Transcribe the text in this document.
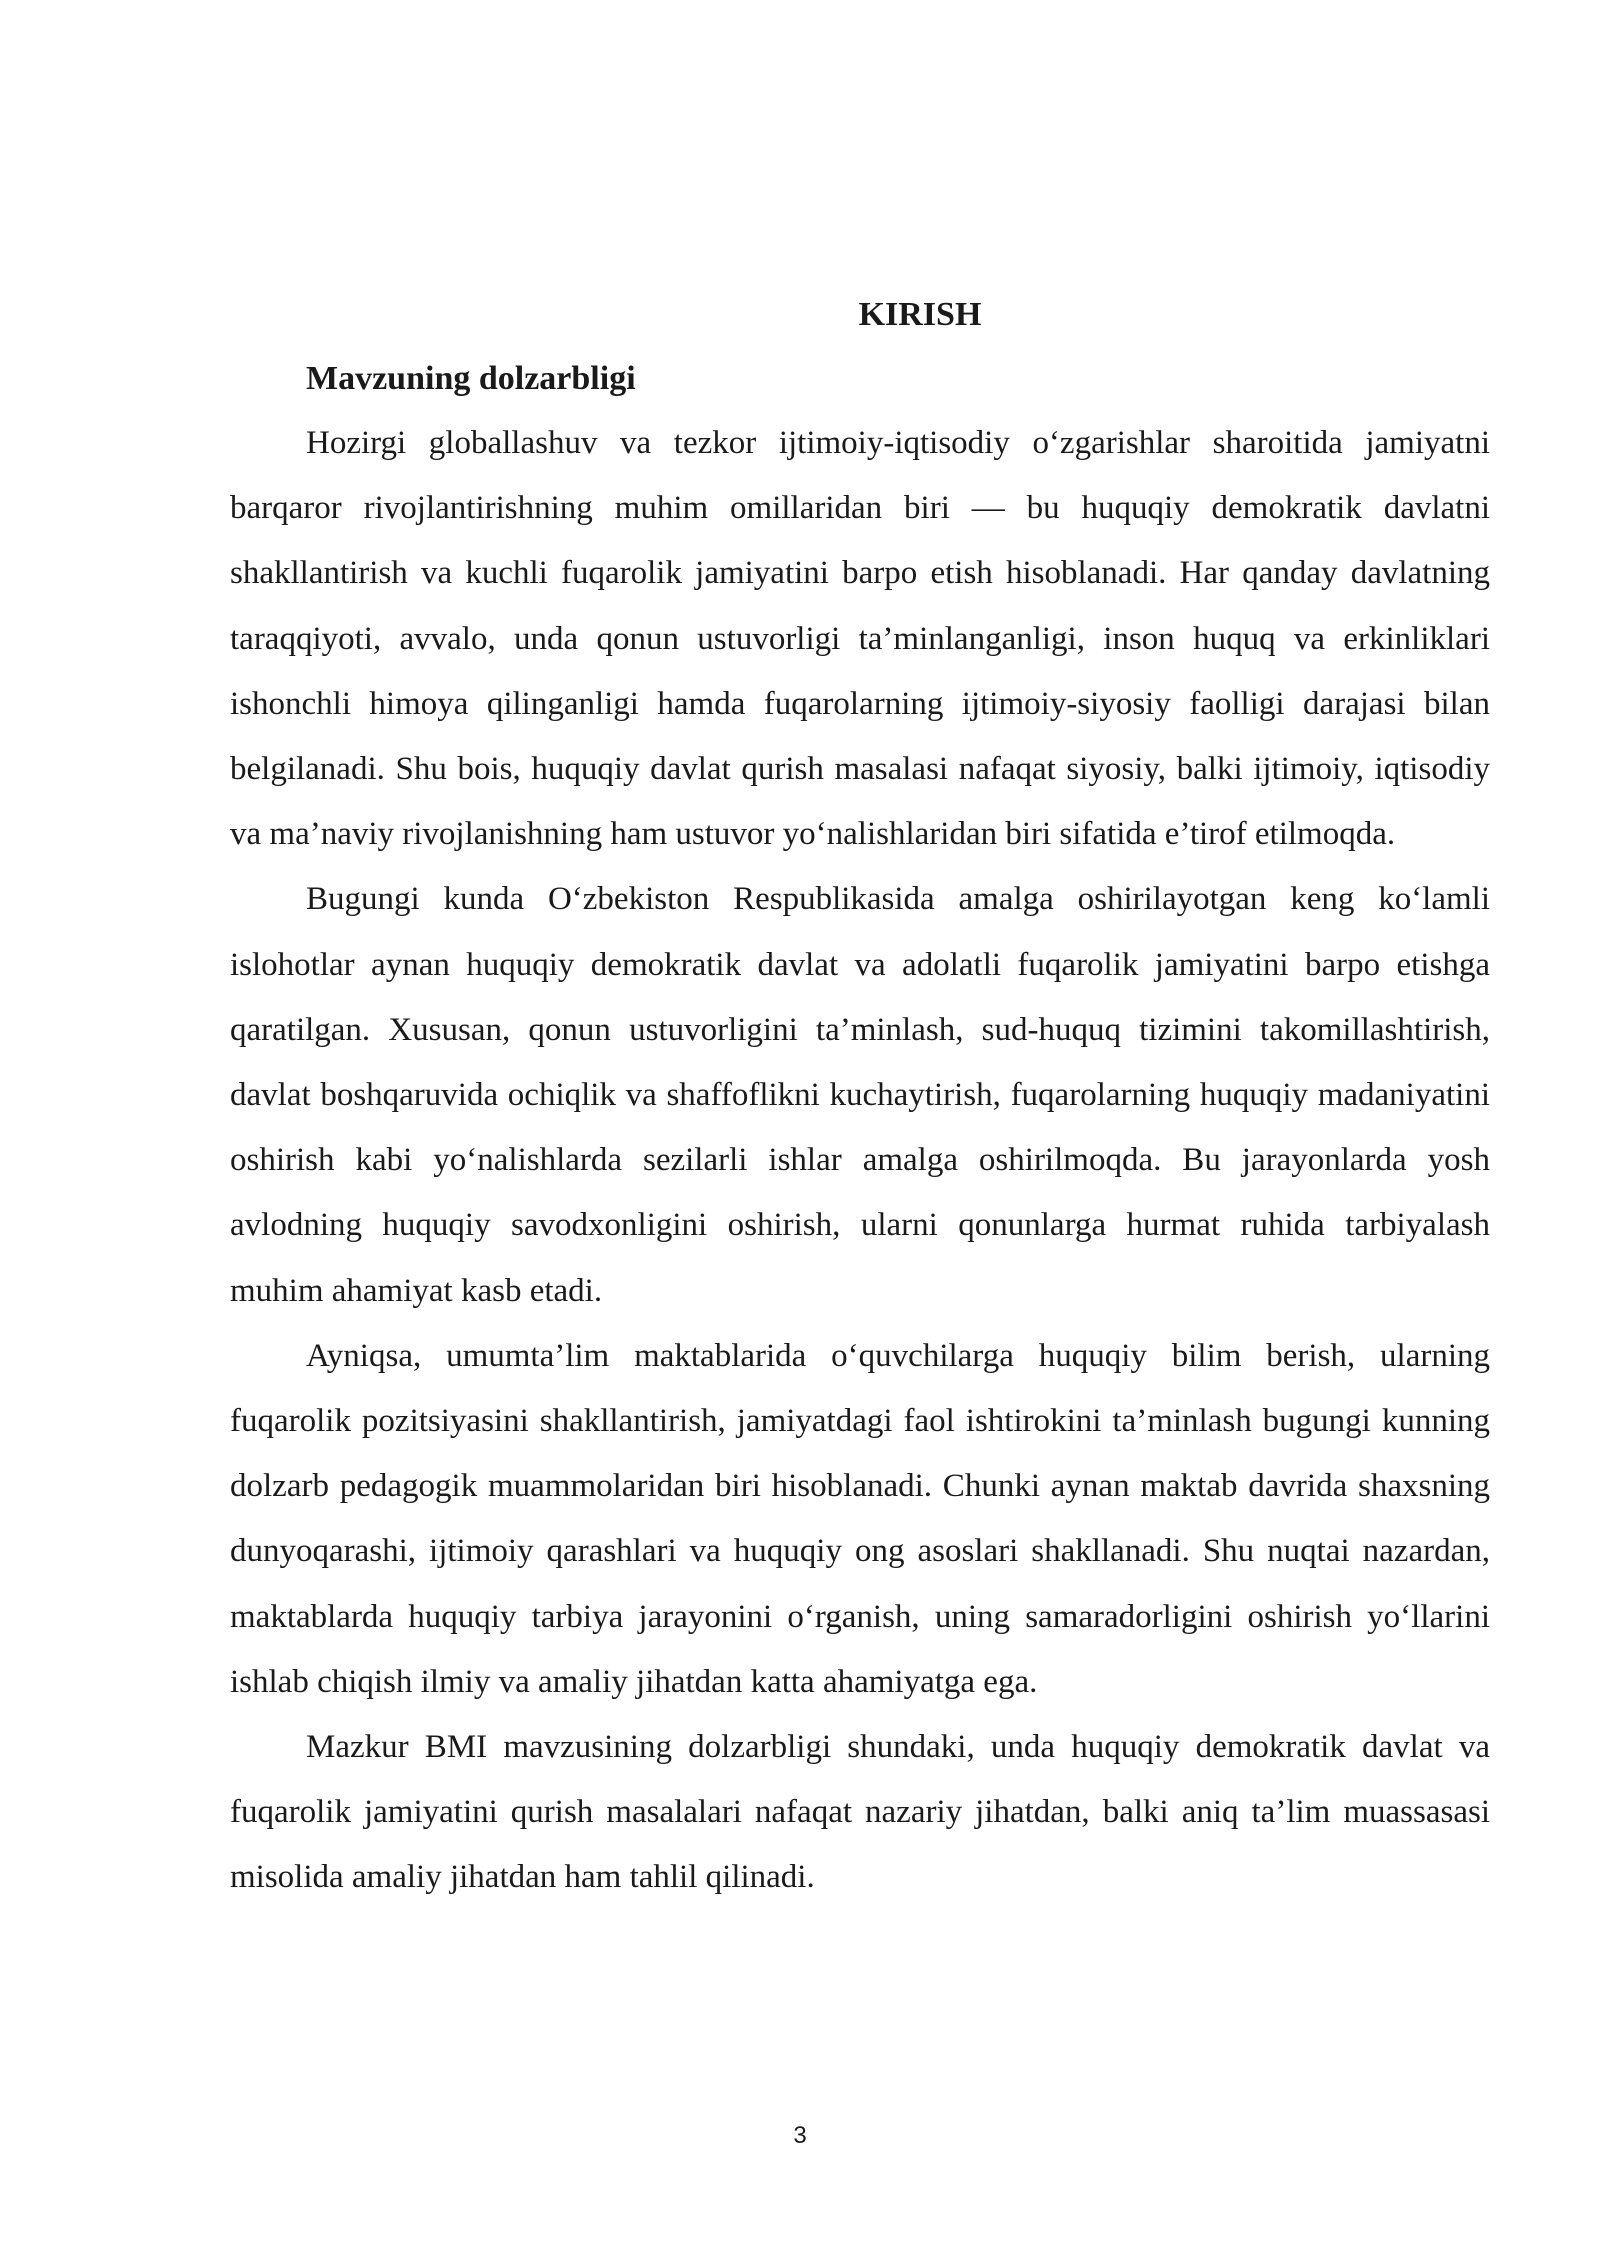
KIRISH
Mavzuning dolzarbligi

Hozirgi globallashuv va tezkor ijtimoiy-iqtisodiy o‘zgarishlar sharoitida jamiyatni barqaror rivojlantirishning muhim omillaridan biri — bu huquqiy demokratik davlatni shakllantirish va kuchli fuqarolik jamiyatini barpo etish hisoblanadi. Har qanday davlatning taraqqiyoti, avvalo, unda qonun ustuvorligi ta’minlanganligi, inson huquq va erkinliklari ishonchli himoya qilinganligi hamda fuqarolarning ijtimoiy-siyosiy faolligi darajasi bilan belgilanadi. Shu bois, huquqiy davlat qurish masalasi nafaqat siyosiy, balki ijtimoiy, iqtisodiy va ma’naviy rivojlanishning ham ustuvor yo‘nalishlaridan biri sifatida e’tirof etilmoqda.

Bugungi kunda O‘zbekiston Respublikasida amalga oshirilayotgan keng ko‘lamli islohotlar aynan huquqiy demokratik davlat va adolatli fuqarolik jamiyatini barpo etishga qaratilgan. Xususan, qonun ustuvorligini ta’minlash, sud-huquq tizimini takomillashtirish, davlat boshqaruvida ochiqlik va shaffoflikni kuchaytirish, fuqarolarning huquqiy madaniyatini oshirish kabi yo‘nalishlarda sezilarli ishlar amalga oshirilmoqda. Bu jarayonlarda yosh avlodning huquqiy savodxonligini oshirish, ularni qonunlarga hurmat ruhida tarbiyalash muhim ahamiyat kasb etadi.

Ayniqsa, umumta’lim maktablarida o‘quvchilarga huquqiy bilim berish, ularning fuqarolik pozitsiyasini shakllantirish, jamiyatdagi faol ishtirokini ta’minlash bugungi kunning dolzarb pedagogik muammolaridan biri hisoblanadi. Chunki aynan maktab davrida shaxsning dunyoqarashi, ijtimoiy qarashlari va huquqiy ong asoslari shakllanadi. Shu nuqtai nazardan, maktablarda huquqiy tarbiya jarayonini o‘rganish, uning samaradorligini oshirish yo‘llarini ishlab chiqish ilmiy va amaliy jihatdan katta ahamiyatga ega.

Mazkur BMI mavzusining dolzarbligi shundaki, unda huquqiy demokratik davlat va fuqarolik jamiyatini qurish masalalari nafaqat nazariy jihatdan, balki aniq ta’lim muassasasi misolida amaliy jihatdan ham tahlil qilinadi.

3
